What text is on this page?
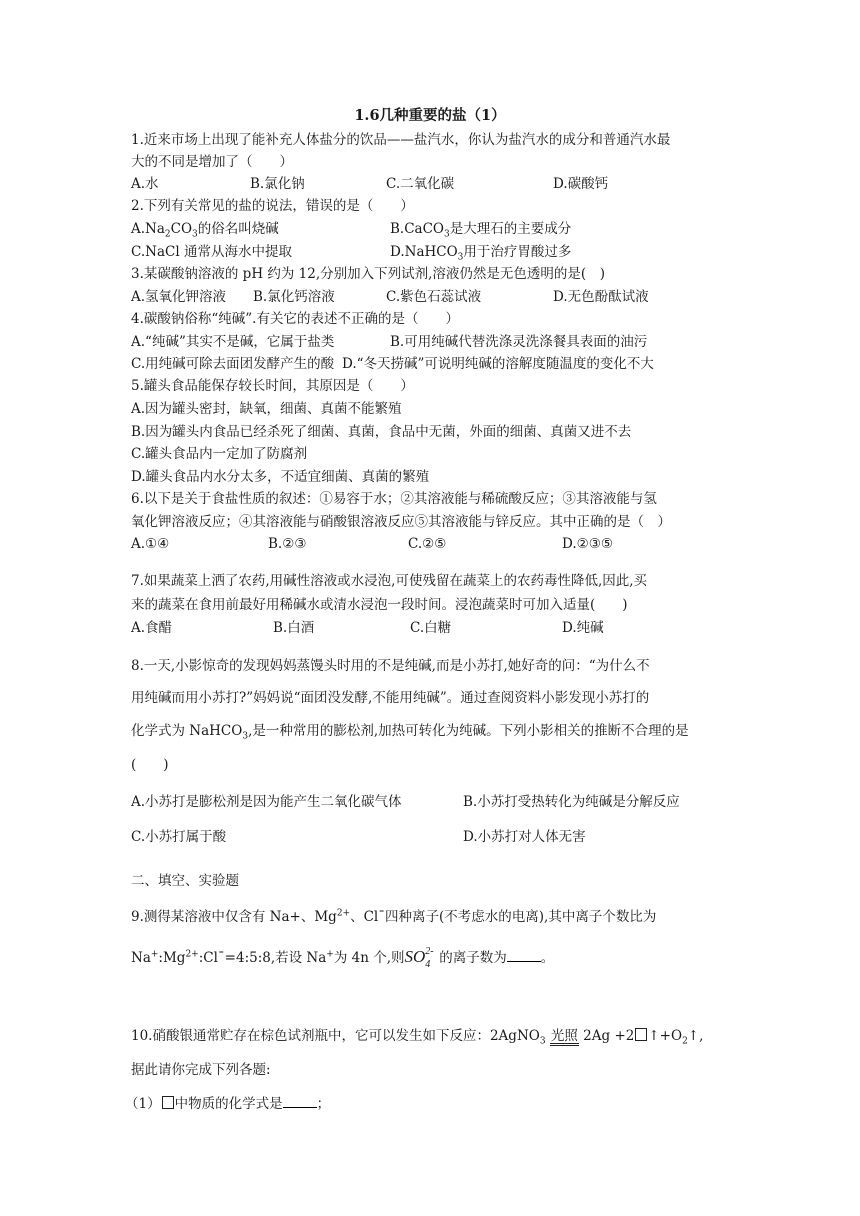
1.6几种重要的盐（1）
1.近来市场上出现了能补充人体盐分的饮品——盐汽水，你认为盐汽水的成分和普通汽水最
大的不同是增加了（　　）
A.水	B.氯化钠	C.二氧化碳	D.碳酸钙
2.下列有关常见的盐的说法，错误的是（　　）
$A.Na_2CO_3$的俗名叫烧碱	B.CaCO$_3$是大理石的主要成分
C.NaCl 通常从海水中提取	D.NaHCO$_3$用于治疗胃酸过多
3.某碳酸钠溶液的 pH 约为 12,分别加入下列试剂,溶液仍然是无色透明的是(　)
A.氢氧化钾溶液 B.氯化钙溶液	C.紫色石蕊试液	D.无色酚酞试液
4.碳酸钠俗称“纯碱”.有关它的表述不正确的是（　　）
A.“纯碱”其实不是碱，它属于盐类	B.可用纯碱代替洗涤灵洗涤餐具表面的油污
C.用纯碱可除去面团发酵产生的酸 D.“冬天捞碱”可说明纯碱的溶解度随温度的变化不大
5.罐头食品能保存较长时间，其原因是（　　）
A.因为罐头密封，缺氧，细菌、真菌不能繁殖
B.因为罐头内食品已经杀死了细菌、真菌，食品中无菌，外面的细菌、真菌又进不去
C.罐头食品内一定加了防腐剂
D.罐头食品内水分太多，不适宜细菌、真菌的繁殖
6.以下是关于食盐性质的叙述：①易容于水；②其溶液能与稀硫酸反应；③其溶液能与氢
氧化钾溶液反应；④其溶液能与硝酸银溶液反应⑤其溶液能与锌反应。其中正确的是（　）
A.①④	B.②③	C.②⑤	D.②③⑤
7.如果蔬菜上洒了农药,用碱性溶液或水浸泡,可使残留在蔬菜上的农药毒性降低,因此,买
来的蔬菜在食用前最好用稀碱水或清水浸泡一段时间。浸泡蔬菜时可加入适量(　　)
A.食醋	B.白酒	C.白糖	D.纯碱
8.一天,小影惊奇的发现妈妈蒸馒头时用的不是纯碱,而是小苏打,她好奇的问：“为什么不
用纯碱而用小苏打?”妈妈说“面团没发酵,不能用纯碱”。通过查阅资料小影发现小苏打的
化学式为 NaHCO$_3$,是一种常用的膨松剂,加热可转化为纯碱。下列小影相关的推断不合理的是
(　　)
A.小苏打是膨松剂是因为能产生二氧化碳气体	B.小苏打受热转化为纯碱是分解反应
C.小苏打属于酸	D.小苏打对人体无害
二、填空、实验题
9.测得某溶液中仅含有 Na+、$Mg^{2+}$、Cl¯四种离子(不考虑水的电离),其中离子个数比为
$Na^+:Mg^{2+}:Cl¯=4:5:8$,若设 Na+为 4n 个,则SO 2-
4 的离子数为	。
10.硝酸银通常贮存在棕色试剂瓶中，它可以发生如下反应：2AgNO$_3$ 光照 2Ag +2 $↑+O_2↑$,
据此请你完成下列各题:
（1） 中物质的化学式是	；
